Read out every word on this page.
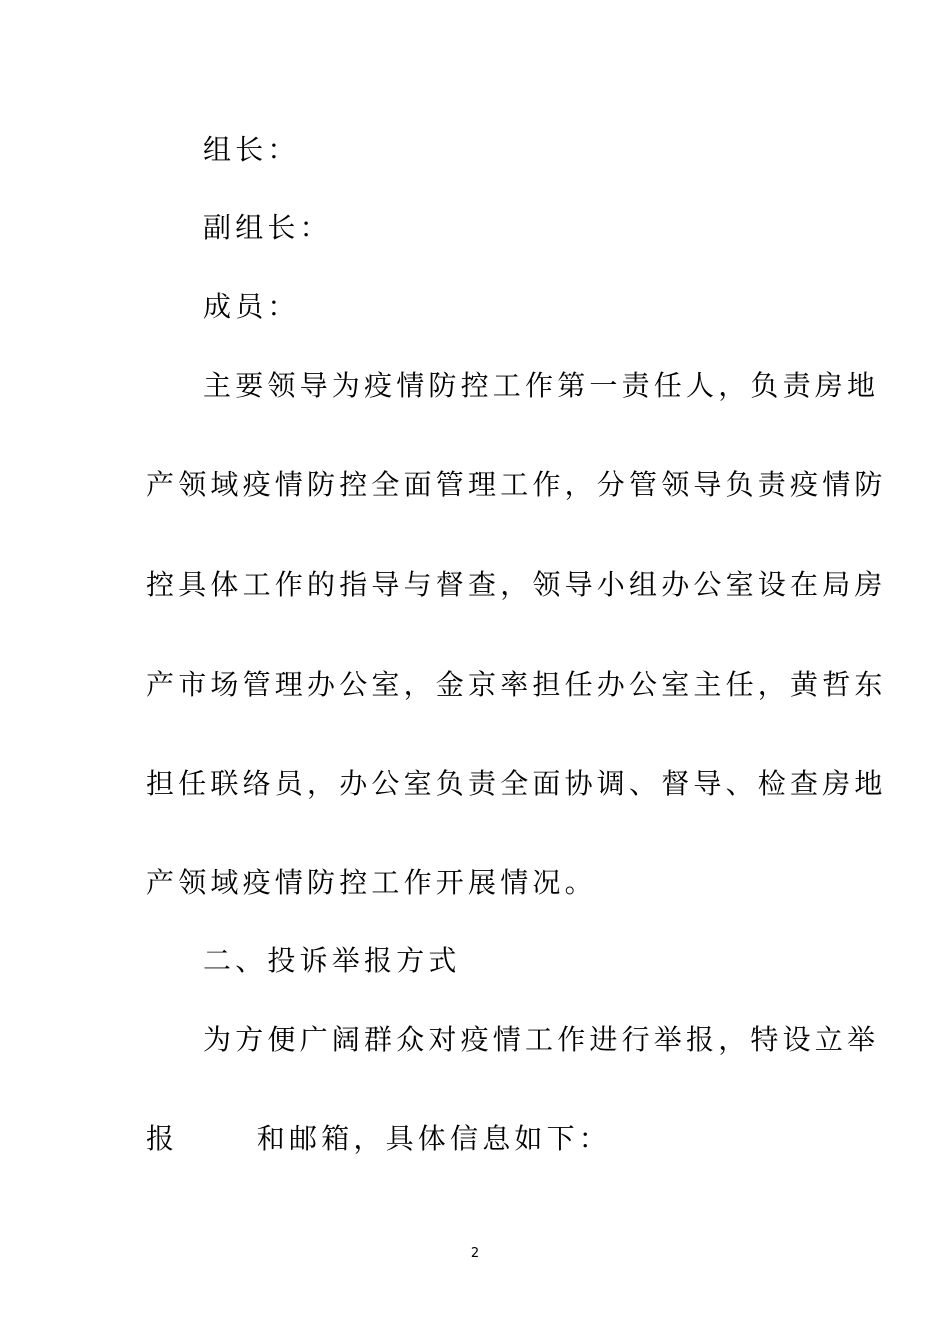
组长：
副组长：
成员：
主要领导为疫情防控工作第一责任人，负责房地
产领域疫情防控全面管理工作，分管领导负责疫情防
控具体工作的指导与督查，领导小组办公室设在局房
产市场管理办公室，金京率担任办公室主任，黄哲东
担任联络员，办公室负责全面协调、督导、检查房地
产领域疫情防控工作开展情况。
二、投诉举报方式
为方便广阔群众对疫情工作进行举报，特设立举
报      和邮箱，具体信息如下：
2
